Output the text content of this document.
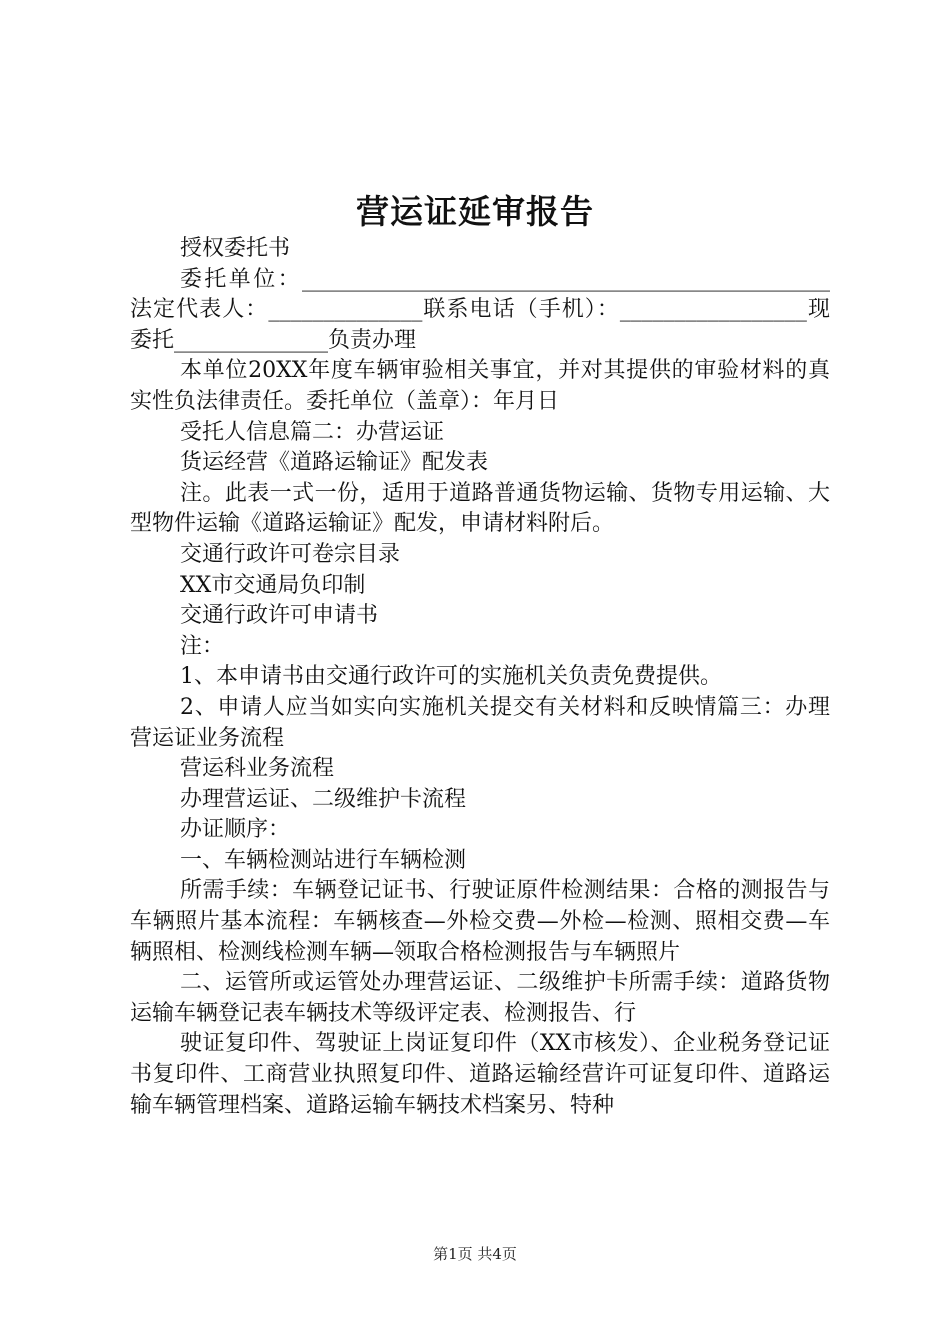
营运证延审报告

授权委托书

委托单位：________________________________________________法定代表人：______________联系电话（手机）：_________________现委托______________负责办理

本单位20XX年度车辆审验相关事宜，并对其提供的审验材料的真实性负法律责任。委托单位（盖章）：年月日

受托人信息篇二：办营运证

货运经营《道路运输证》配发表

注。此表一式一份，适用于道路普通货物运输、货物专用运输、大型物件运输《道路运输证》配发，申请材料附后。

交通行政许可卷宗目录

XX市交通局负印制

交通行政许可申请书

注：

1、本申请书由交通行政许可的实施机关负责免费提供。

2、申请人应当如实向实施机关提交有关材料和反映情篇三：办理营运证业务流程

营运科业务流程

办理营运证、二级维护卡流程

办证顺序：

一、车辆检测站进行车辆检测

所需手续：车辆登记证书、行驶证原件检测结果：合格的测报告与车辆照片基本流程：车辆核查—外检交费—外检—检测、照相交费—车辆照相、检测线检测车辆—领取合格检测报告与车辆照片

二、运管所或运管处办理营运证、二级维护卡所需手续：道路货物运输车辆登记表车辆技术等级评定表、检测报告、行

驶证复印件、驾驶证上岗证复印件（XX市核发）、企业税务登记证书复印件、工商营业执照复印件、道路运输经营许可证复印件、道路运输车辆管理档案、道路运输车辆技术档案另、特种

第1页 共4页
